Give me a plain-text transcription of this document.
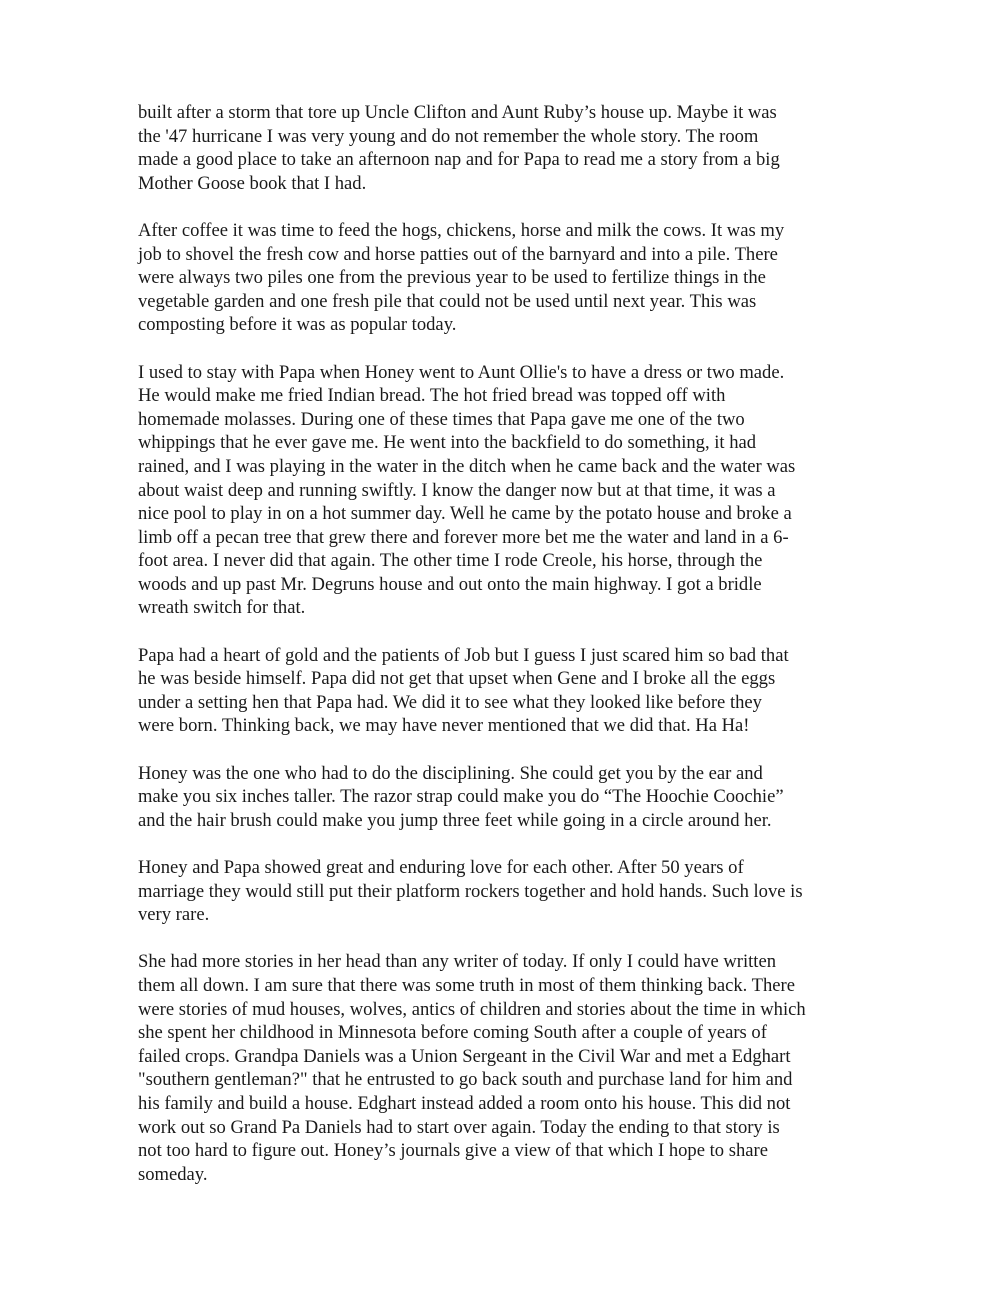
built after a storm that tore up Uncle Clifton and Aunt Ruby’s house up. Maybe it was
the '47 hurricane I was very young and do not remember the whole story. The room
made a good place to take an afternoon nap and for Papa to read me a story from a big
Mother Goose book that I had.

After coffee it was time to feed the hogs, chickens, horse and milk the cows. It was my
job to shovel the fresh cow and horse patties out of the barnyard and into a pile. There
were always two piles one from the previous year to be used to fertilize things in the
vegetable garden and one fresh pile that could not be used until next year. This was
composting before it was as popular today.

I used to stay with Papa when Honey went to Aunt Ollie's to have a dress or two made.
He would make me fried Indian bread. The hot fried bread was topped off with
homemade molasses. During one of these times that Papa gave me one of the two
whippings that he ever gave me. He went into the backfield to do something, it had
rained, and I was playing in the water in the ditch when he came back and the water was
about waist deep and running swiftly. I know the danger now but at that time, it was a
nice pool to play in on a hot summer day. Well he came by the potato house and broke a
limb off a pecan tree that grew there and forever more bet me the water and land in a 6-
foot area. I never did that again. The other time I rode Creole, his horse, through the
woods and up past Mr. Degruns house and out onto the main highway. I got a bridle
wreath switch for that.

Papa had a heart of gold and the patients of Job but I guess I just scared him so bad that
he was beside himself. Papa did not get that upset when Gene and I broke all the eggs
under a setting hen that Papa had. We did it to see what they looked like before they
were born. Thinking back, we may have never mentioned that we did that. Ha Ha!

Honey was the one who had to do the disciplining. She could get you by the ear and
make you six inches taller. The razor strap could make you do “The Hoochie Coochie”
and the hair brush could make you jump three feet while going in a circle around her.

Honey and Papa showed great and enduring love for each other. After 50 years of
marriage they would still put their platform rockers together and hold hands. Such love is
very rare.

She had more stories in her head than any writer of today. If only I could have written
them all down. I am sure that there was some truth in most of them thinking back. There
were stories of mud houses, wolves, antics of children and stories about the time in which
she spent her childhood in Minnesota before coming South after a couple of years of
failed crops. Grandpa Daniels was a Union Sergeant in the Civil War and met a Edghart
"southern gentleman?" that he entrusted to go back south and purchase land for him and
his family and build a house. Edghart instead added a room onto his house. This did not
work out so Grand Pa Daniels had to start over again. Today the ending to that story is
not too hard to figure out. Honey’s journals give a view of that which I hope to share
someday.
